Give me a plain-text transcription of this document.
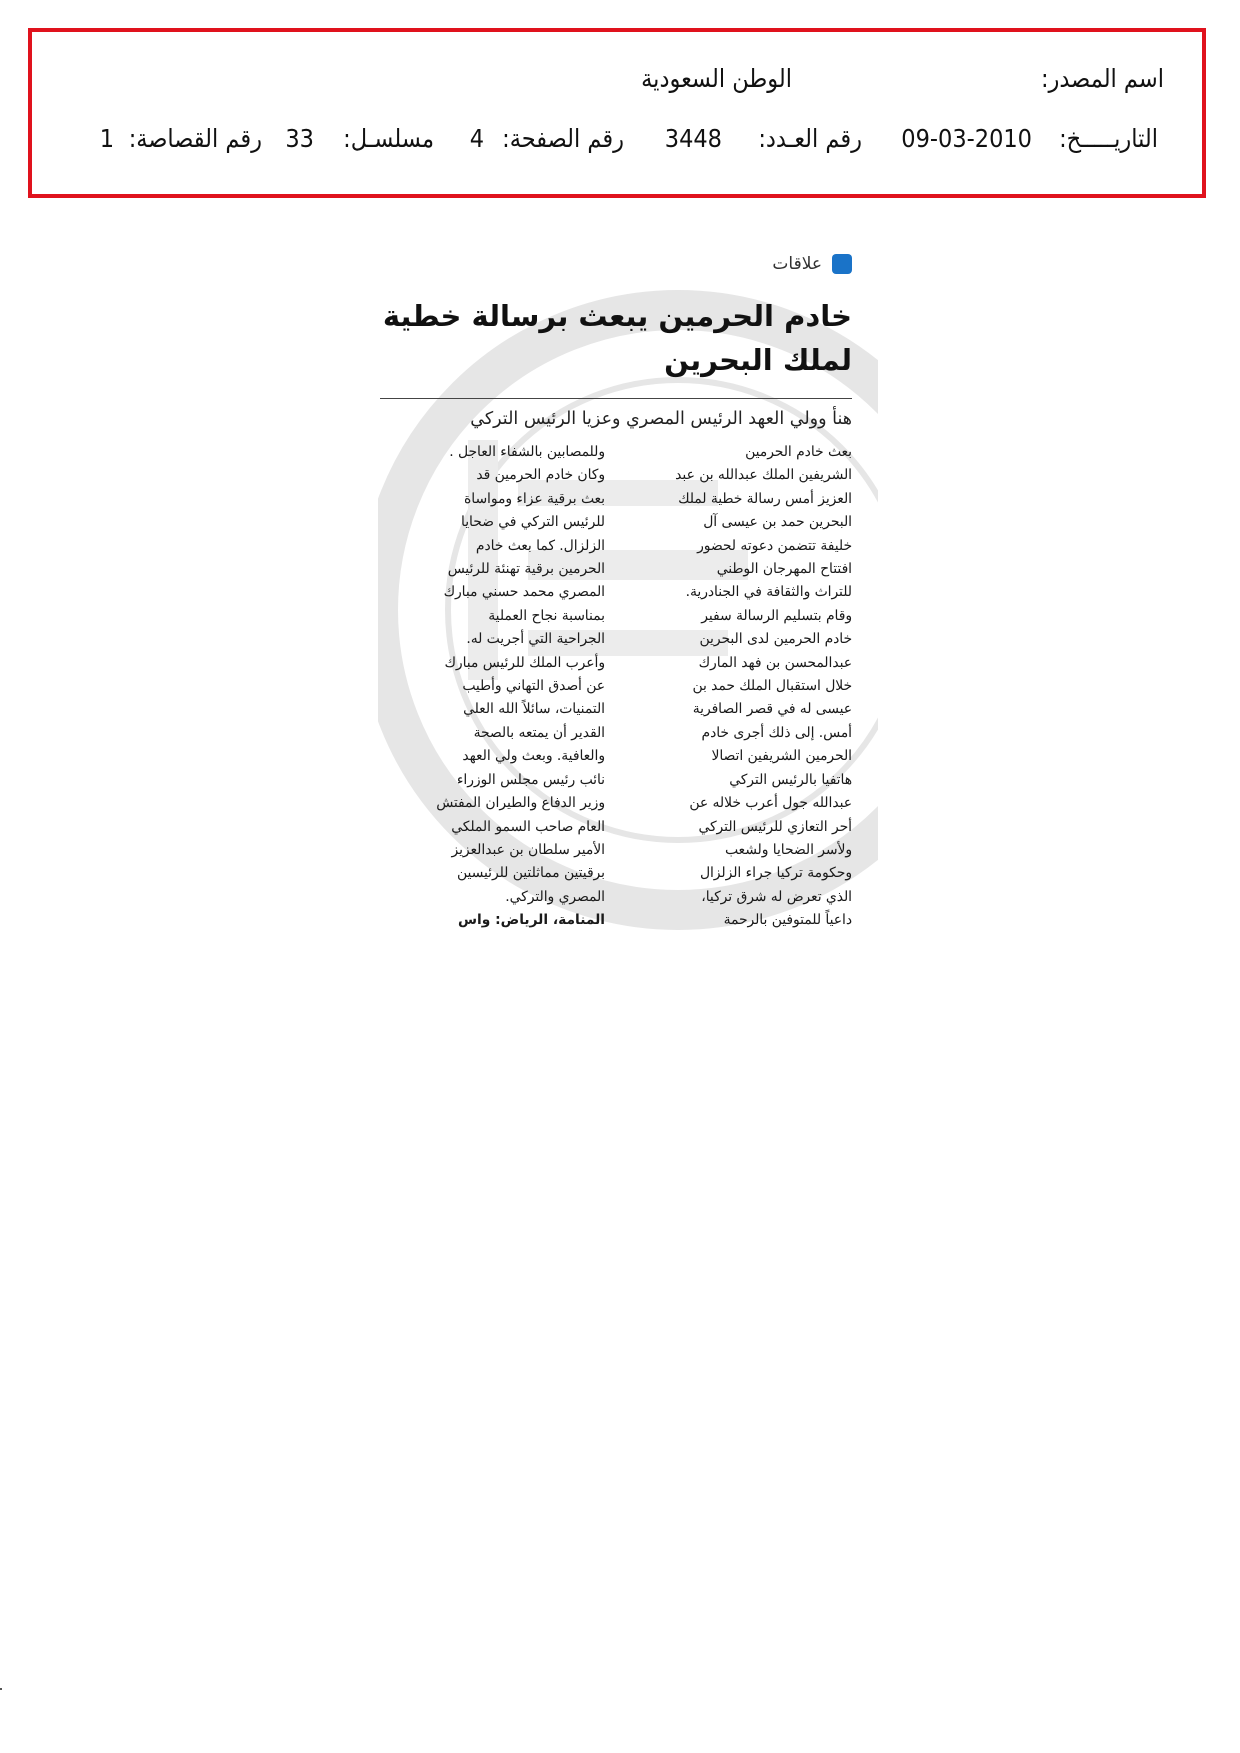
اسم المصدر:
الوطن السعودية
التاريـــــخ:
09-03-2010
رقم العـدد:
3448
رقم الصفحة:
4
مسلسـل:
33
رقم القصاصة:
1
علاقات
خادم الحرمين يبعث برسالة خطية
لملك البحرين
هنأ وولي العهد الرئيس المصري وعزيا الرئيس التركي
بعث خادم الحرمين
الشريفين الملك عبدالله بن عبد
العزيز أمس رسالة خطية لملك
البحرين حمد بن عيسى آل
خليفة تتضمن دعوته لحضور
افتتاح المهرجان الوطني
للتراث والثقافة في الجنادرية.
وقام بتسليم الرسالة سفير
خادم الحرمين لدى البحرين
عبدالمحسن بن فهد المارك
خلال استقبال الملك حمد بن
عيسى له في قصر الصافرية
أمس. إلى ذلك أجرى خادم
الحرمين الشريفين اتصالا
هاتفيا بالرئيس التركي
عبدالله جول أعرب خلاله عن
أحر التعازي للرئيس التركي
ولأسر الضحايا ولشعب
وحكومة تركيا جراء الزلزال
الذي تعرض له شرق تركيا،
داعياً للمتوفين بالرحمة
وللمصابين بالشفاء العاجل .
وكان خادم الحرمين قد
بعث برقية عزاء ومواساة
للرئيس التركي في ضحايا
الزلزال. كما بعث خادم
الحرمين برقية تهنئة للرئيس
المصري محمد حسني مبارك
بمناسبة نجاح العملية
الجراحية التي أجريت له.
وأعرب الملك للرئيس مبارك
عن أصدق التهاني وأطيب
التمنيات، سائلاً الله العلي
القدير أن يمتعه بالصحة
والعافية. وبعث ولي العهد
نائب رئيس مجلس الوزراء
وزير الدفاع والطيران المفتش
العام صاحب السمو الملكي
الأمير سلطان بن عبدالعزيز
برقيتين مماثلتين للرئيسين
المصري والتركي.
المنامة، الرياض: واس
